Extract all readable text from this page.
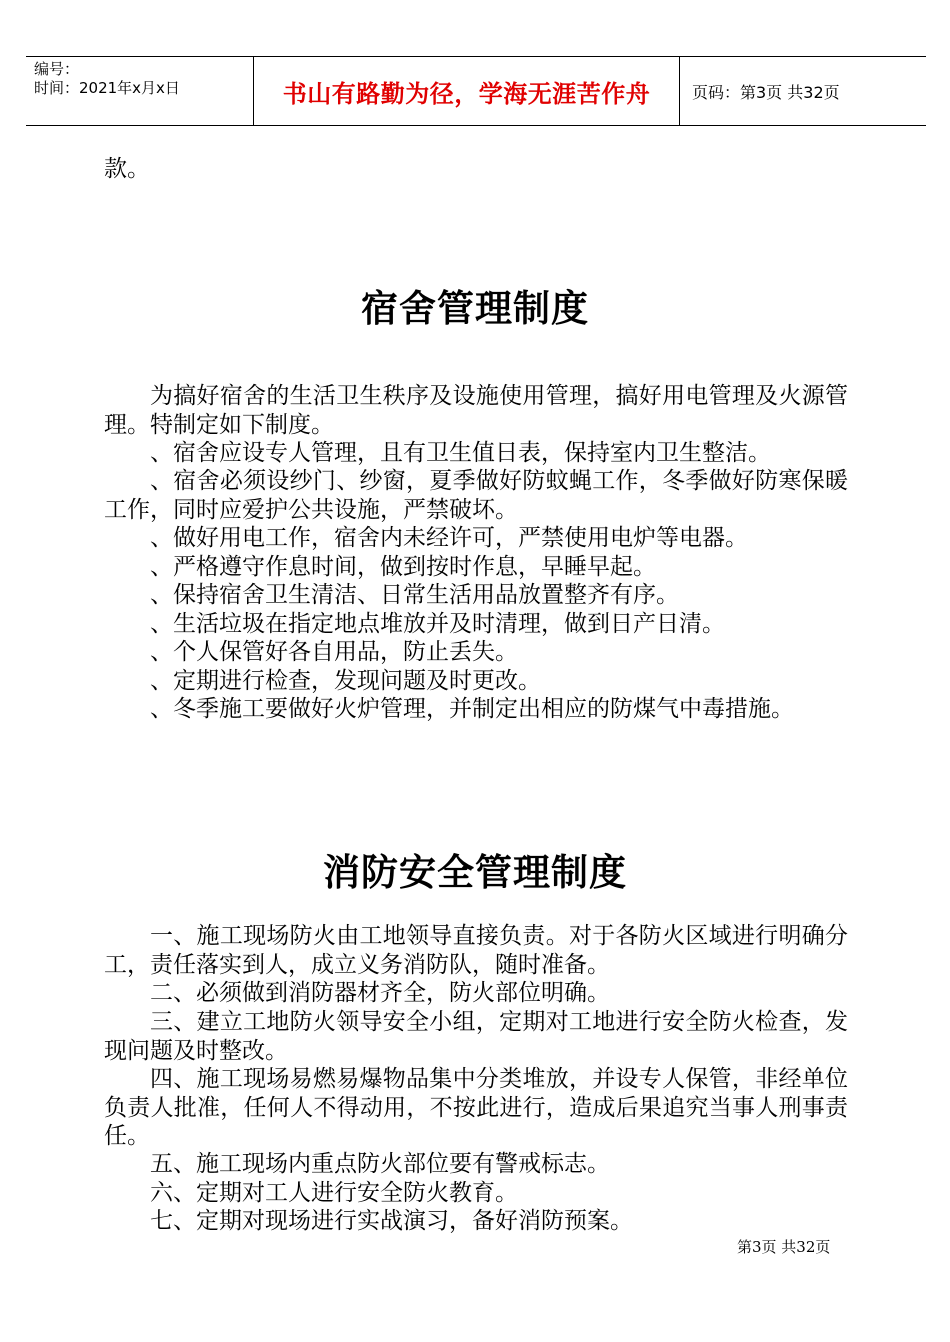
编号：
时间：2021年x月x日	书山有路勤为径，学海无涯苦作舟	页码：第3页 共32页

款。

宿舍管理制度

为搞好宿舍的生活卫生秩序及设施使用管理，搞好用电管理及火源管理。特制定如下制度。

、宿舍应设专人管理，且有卫生值日表，保持室内卫生整洁。

、宿舍必须设纱门、纱窗，夏季做好防蚊蝇工作，冬季做好防寒保暖工作，同时应爱护公共设施，严禁破坏。

、做好用电工作，宿舍内未经许可，严禁使用电炉等电器。

、严格遵守作息时间，做到按时作息，早睡早起。

、保持宿舍卫生清洁、日常生活用品放置整齐有序。

、生活垃圾在指定地点堆放并及时清理，做到日产日清。

、个人保管好各自用品，防止丢失。

、定期进行检查，发现问题及时更改。

、冬季施工要做好火炉管理，并制定出相应的防煤气中毒措施。

消防安全管理制度

一、施工现场防火由工地领导直接负责。对于各防火区域进行明确分工，责任落实到人，成立义务消防队，随时准备。

二、必须做到消防器材齐全，防火部位明确。

三、建立工地防火领导安全小组，定期对工地进行安全防火检查，发现问题及时整改。

四、施工现场易燃易爆物品集中分类堆放，并设专人保管，非经单位负责人批准，任何人不得动用，不按此进行，造成后果追究当事人刑事责任。

五、施工现场内重点防火部位要有警戒标志。

六、定期对工人进行安全防火教育。

七、定期对现场进行实战演习，备好消防预案。

第3页 共32页
